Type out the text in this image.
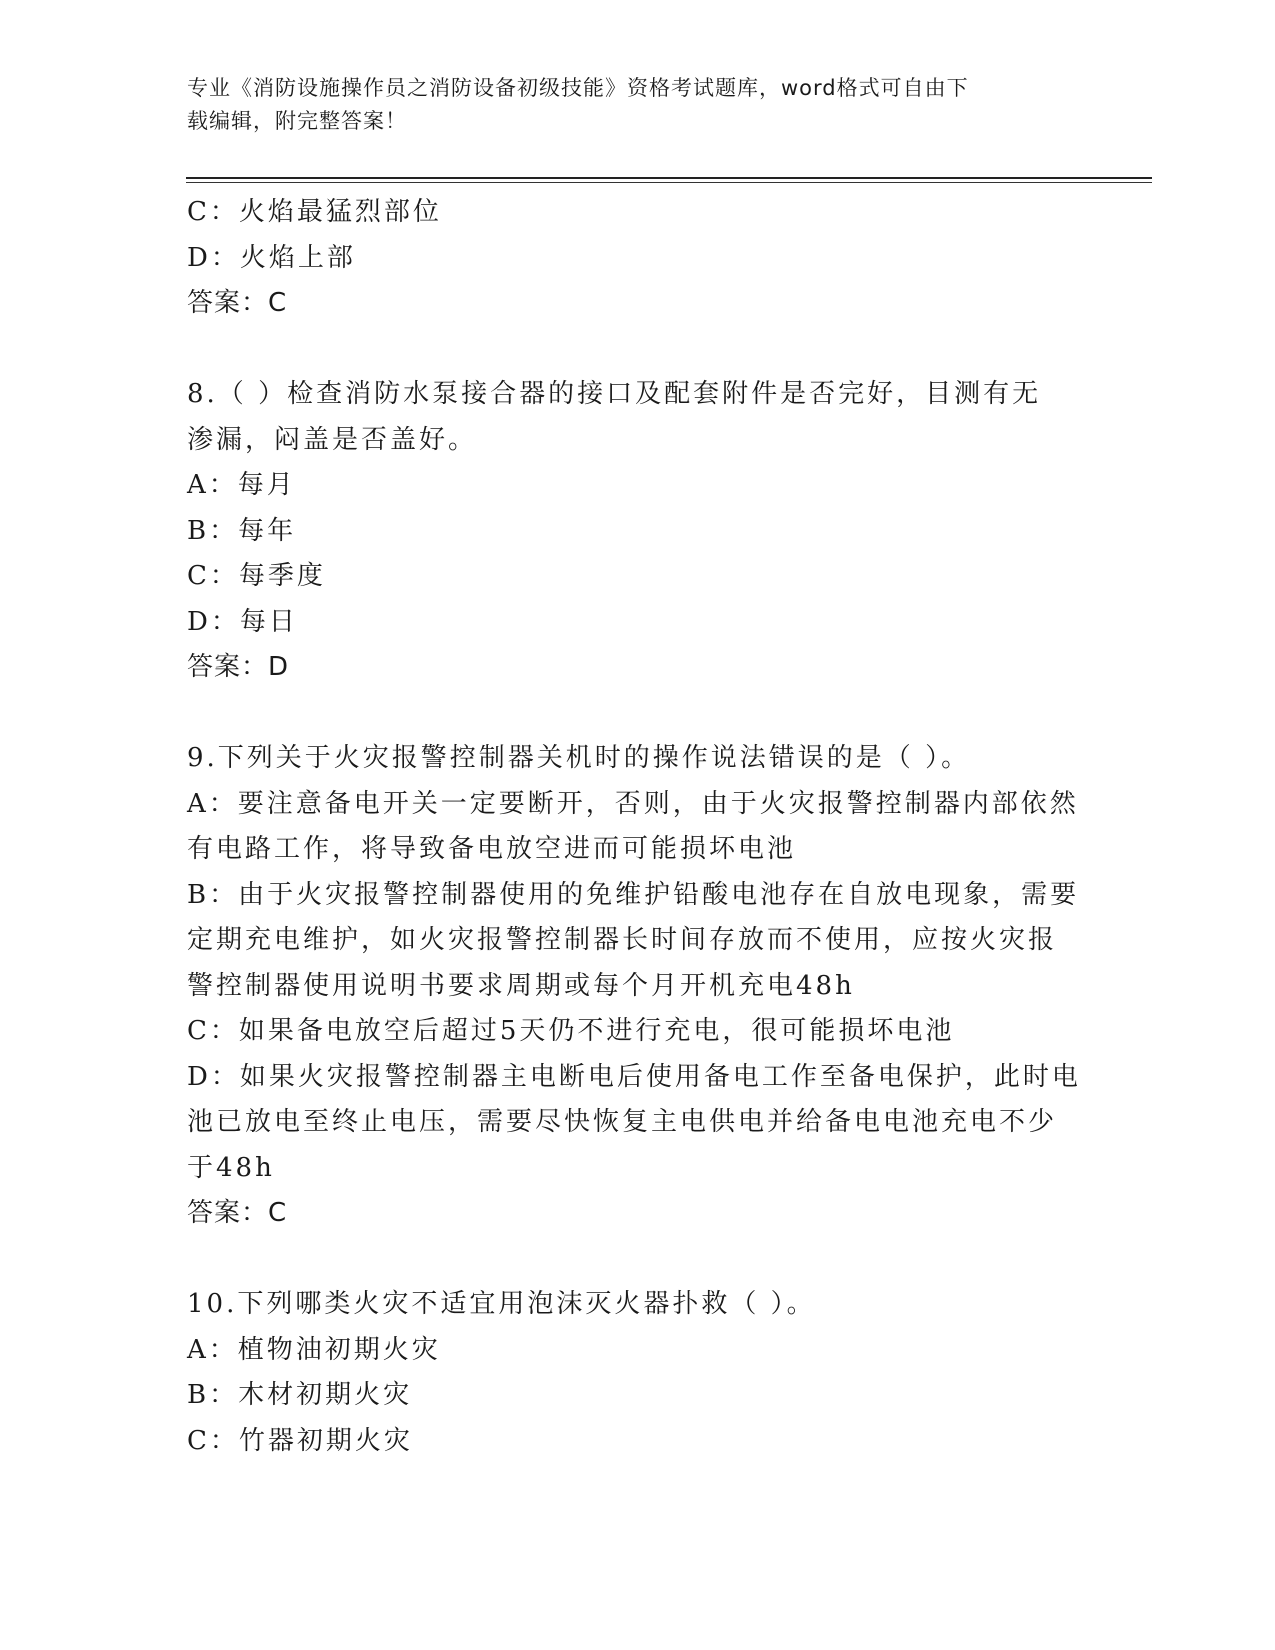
专业《消防设施操作员之消防设备初级技能》资格考试题库，word格式可自由下
载编辑，附完整答案！
C：火焰最猛烈部位
D：火焰上部
答案：C
8.（ ）检查消防水泵接合器的接口及配套附件是否完好，目测有无
渗漏，闷盖是否盖好。
A：每月
B：每年
C：每季度
D：每日
答案：D
9.下列关于火灾报警控制器关机时的操作说法错误的是（ ）。
A：要注意备电开关一定要断开，否则，由于火灾报警控制器内部依然
有电路工作，将导致备电放空进而可能损坏电池
B：由于火灾报警控制器使用的免维护铅酸电池存在自放电现象，需要
定期充电维护，如火灾报警控制器长时间存放而不使用，应按火灾报
警控制器使用说明书要求周期或每个月开机充电48h
C：如果备电放空后超过5天仍不进行充电，很可能损坏电池
D：如果火灾报警控制器主电断电后使用备电工作至备电保护，此时电
池已放电至终止电压，需要尽快恢复主电供电并给备电电池充电不少
于48h
答案：C
10.下列哪类火灾不适宜用泡沫灭火器扑救（ ）。
A：植物油初期火灾
B：木材初期火灾
C：竹器初期火灾
